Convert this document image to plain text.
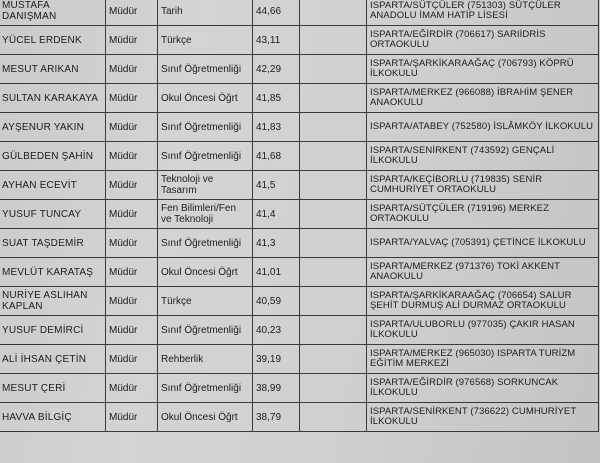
MUSTAFA DANIŞMAN	Müdür	Tarih	44,66		ISPARTA/SÜTÇÜLER (751303) SÜTÇÜLER ANADOLU İMAM HATİP LİSESİ
YÜCEL ERDENK	Müdür	Türkçe	43,11		ISPARTA/EĞİRDİR (706617) SARIİDRİS ORTAOKULU
MESUT ARIKAN	Müdür	Sınıf Öğretmenliği	42,29		ISPARTA/ŞARKİKARAAĞAÇ (706793) KÖPRÜ İLKOKULU
SULTAN KARAKAYA	Müdür	Okul Öncesi Öğrt	41,85		ISPARTA/MERKEZ (966088) İBRAHİM ŞENER ANAOKULU
AYŞENUR YAKIN	Müdür	Sınıf Öğretmenliği	41,83		ISPARTA/ATABEY (752580) İSLÂMKÖY İLKOKULU
GÜLBEDEN ŞAHİN	Müdür	Sınıf Öğretmenliği	41,68		ISPARTA/SENİRKENT (743592) GENÇALİ İLKOKULU
AYHAN ECEVİT	Müdür	Teknoloji ve Tasarım	41,5		ISPARTA/KEÇİBORLU (719835) SENİR CUMHURİYET ORTAOKULU
YUSUF TUNCAY	Müdür	Fen Bilimleri/Fen ve Teknoloji	41,4		ISPARTA/SÜTÇÜLER (719196) MERKEZ ORTAOKULU
SUAT TAŞDEMİR	Müdür	Sınıf Öğretmenliği	41,3		ISPARTA/YALVAÇ (705391) ÇETİNCE İLKOKULU
MEVLÜT KARATAŞ	Müdür	Okul Öncesi Öğrt	41,01		ISPARTA/MERKEZ (971376) TOKİ AKKENT ANAOKULU
NURİYE ASLIHAN KAPLAN	Müdür	Türkçe	40,59		ISPARTA/ŞARKİKARAAĞAÇ (706654) SALUR ŞEHİT DURMUŞ ALİ DURMAZ ORTAOKULU
YUSUF DEMİRCİ	Müdür	Sınıf Öğretmenliği	40,23		ISPARTA/ULUBORLU (977035) ÇAKIR HASAN İLKOKULU
ALİ İHSAN ÇETİN	Müdür	Rehberlik	39,19		ISPARTA/MERKEZ (965030) ISPARTA TURİZM EĞİTİM MERKEZİ
MESUT ÇERİ	Müdür	Sınıf Öğretmenliği	38,99		ISPARTA/EĞİRDİR (976568) SORKUNCAK İLKOKULU
HAVVA BİLGİÇ	Müdür	Okul Öncesi Öğrt	38,79		ISPARTA/SENİRKENT (736622) CUMHURİYET İLKOKULU
